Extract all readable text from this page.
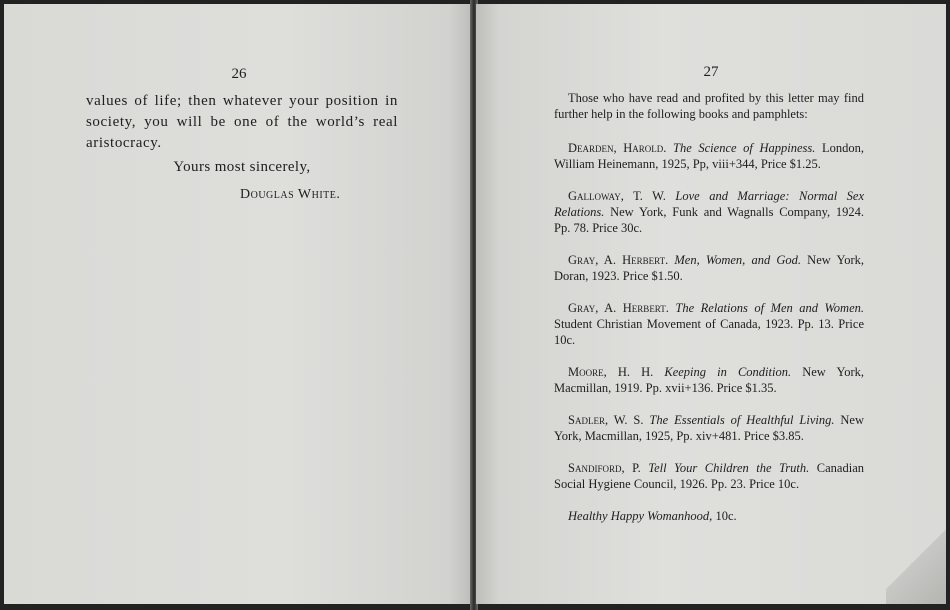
26
values of life; then whatever your position in society, you will be one of the world’s real aristocracy.
Yours most sincerely,
Douglas White.
27

Those who have read and profited by this letter may find further help in the following books and pamphlets:

Dearden, Harold. The Science of Happiness. London, William Heinemann, 1925, Pp, viii+344, Price $1.25.

Galloway, T. W. Love and Marriage: Normal Sex Relations. New York, Funk and Wagnalls Company, 1924. Pp. 78. Price 30c.

Gray, A. Herbert. Men, Women, and God. New York, Doran, 1923. Price $1.50.

Gray, A. Herbert. The Relations of Men and Women. Student Christian Movement of Canada, 1923. Pp. 13. Price 10c.

Moore, H. H. Keeping in Condition. New York, Macmillan, 1919. Pp. xvii+136. Price $1.35.

Sadler, W. S. The Essentials of Healthful Living. New York, Macmillan, 1925, Pp. xiv+481. Price $3.85.

Sandiford, P. Tell Your Children the Truth. Canadian Social Hygiene Council, 1926. Pp. 23. Price 10c.

Healthy Happy Womanhood, 10c.
